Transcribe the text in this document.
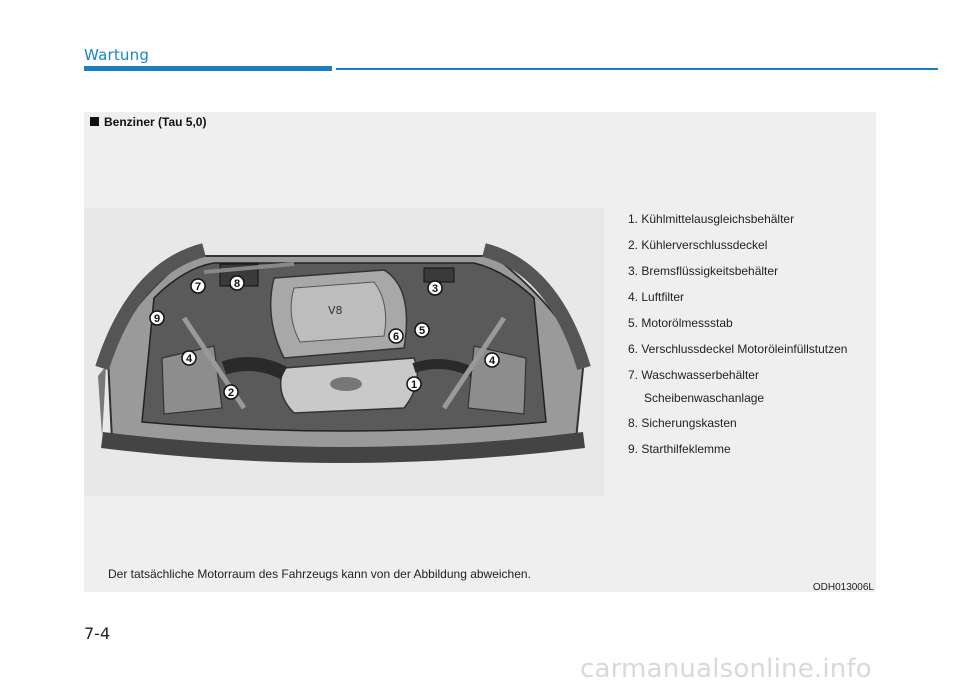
Wartung
Benziner (Tau 5,0)
V8
7	8	3
9
6 5
4	4
2
1
1. Kühlmittelausgleichsbehälter
2. Kühlerverschlussdeckel
3. Bremsflüssigkeitsbehälter
4. Luftfilter
5. Motorölmessstab
6. Verschlussdeckel Motoröleinfüllstutzen
7. Waschwasserbehälter
Scheibenwaschanlage
8. Sicherungskasten
9. Starthilfeklemme
Der tatsächliche Motorraum des Fahrzeugs kann von der Abbildung abweichen.
ODH013006L
7-4
carmanualsonline.info
